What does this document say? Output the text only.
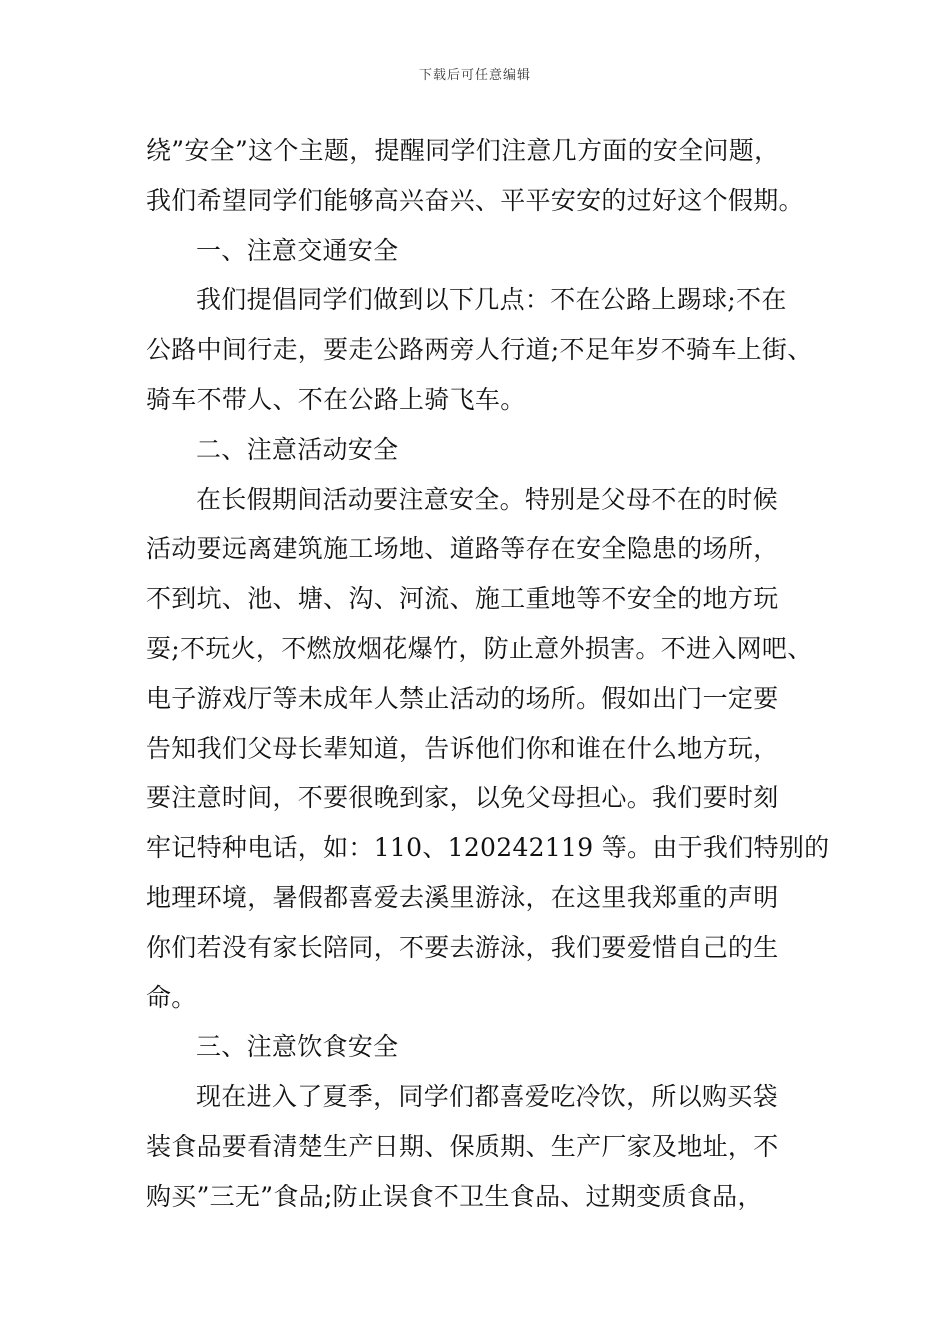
下载后可任意编辑
绕”安全”这个主题，提醒同学们注意几方面的安全问题，
我们希望同学们能够高兴奋兴、平平安安的过好这个假期。
一、注意交通安全
我们提倡同学们做到以下几点：不在公路上踢球;不在
公路中间行走，要走公路两旁人行道;不足年岁不骑车上街、
骑车不带人、不在公路上骑飞车。
二、注意活动安全
在长假期间活动要注意安全。特别是父母不在的时候
活动要远离建筑施工场地、道路等存在安全隐患的场所，
不到坑、池、塘、沟、河流、施工重地等不安全的地方玩
耍;不玩火，不燃放烟花爆竹，防止意外损害。不进入网吧、
电子游戏厅等未成年人禁止活动的场所。假如出门一定要
告知我们父母长辈知道，告诉他们你和谁在什么地方玩，
要注意时间，不要很晚到家，以免父母担心。我们要时刻
牢记特种电话，如：110、120242119 等。由于我们特别的
地理环境，暑假都喜爱去溪里游泳，在这里我郑重的声明
你们若没有家长陪同，不要去游泳，我们要爱惜自己的生
命。
三、注意饮食安全
现在进入了夏季，同学们都喜爱吃冷饮，所以购买袋
装食品要看清楚生产日期、保质期、生产厂家及地址，不
购买”三无”食品;防止误食不卫生食品、过期变质食品，
